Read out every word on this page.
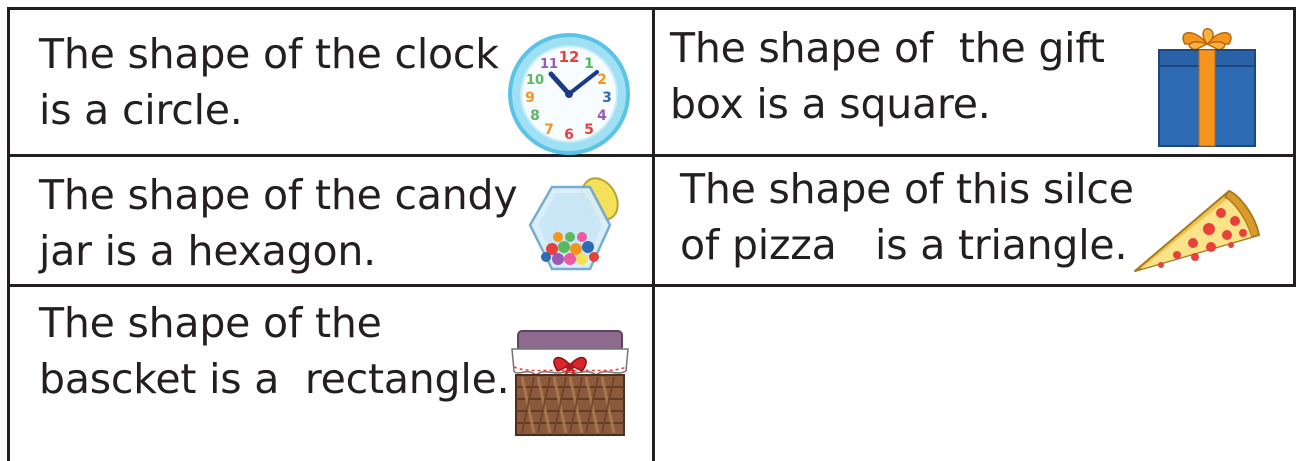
The shape of the clock
is a circle.
12 1
2
3
4
5
6
7
8
9
10
11	The shape of  the gift
box is a square.
The shape of the candy
jar is a hexagon.
The shape of this silce
of pizza   is a triangle.
The shape of the
bascket is a  rectangle.
